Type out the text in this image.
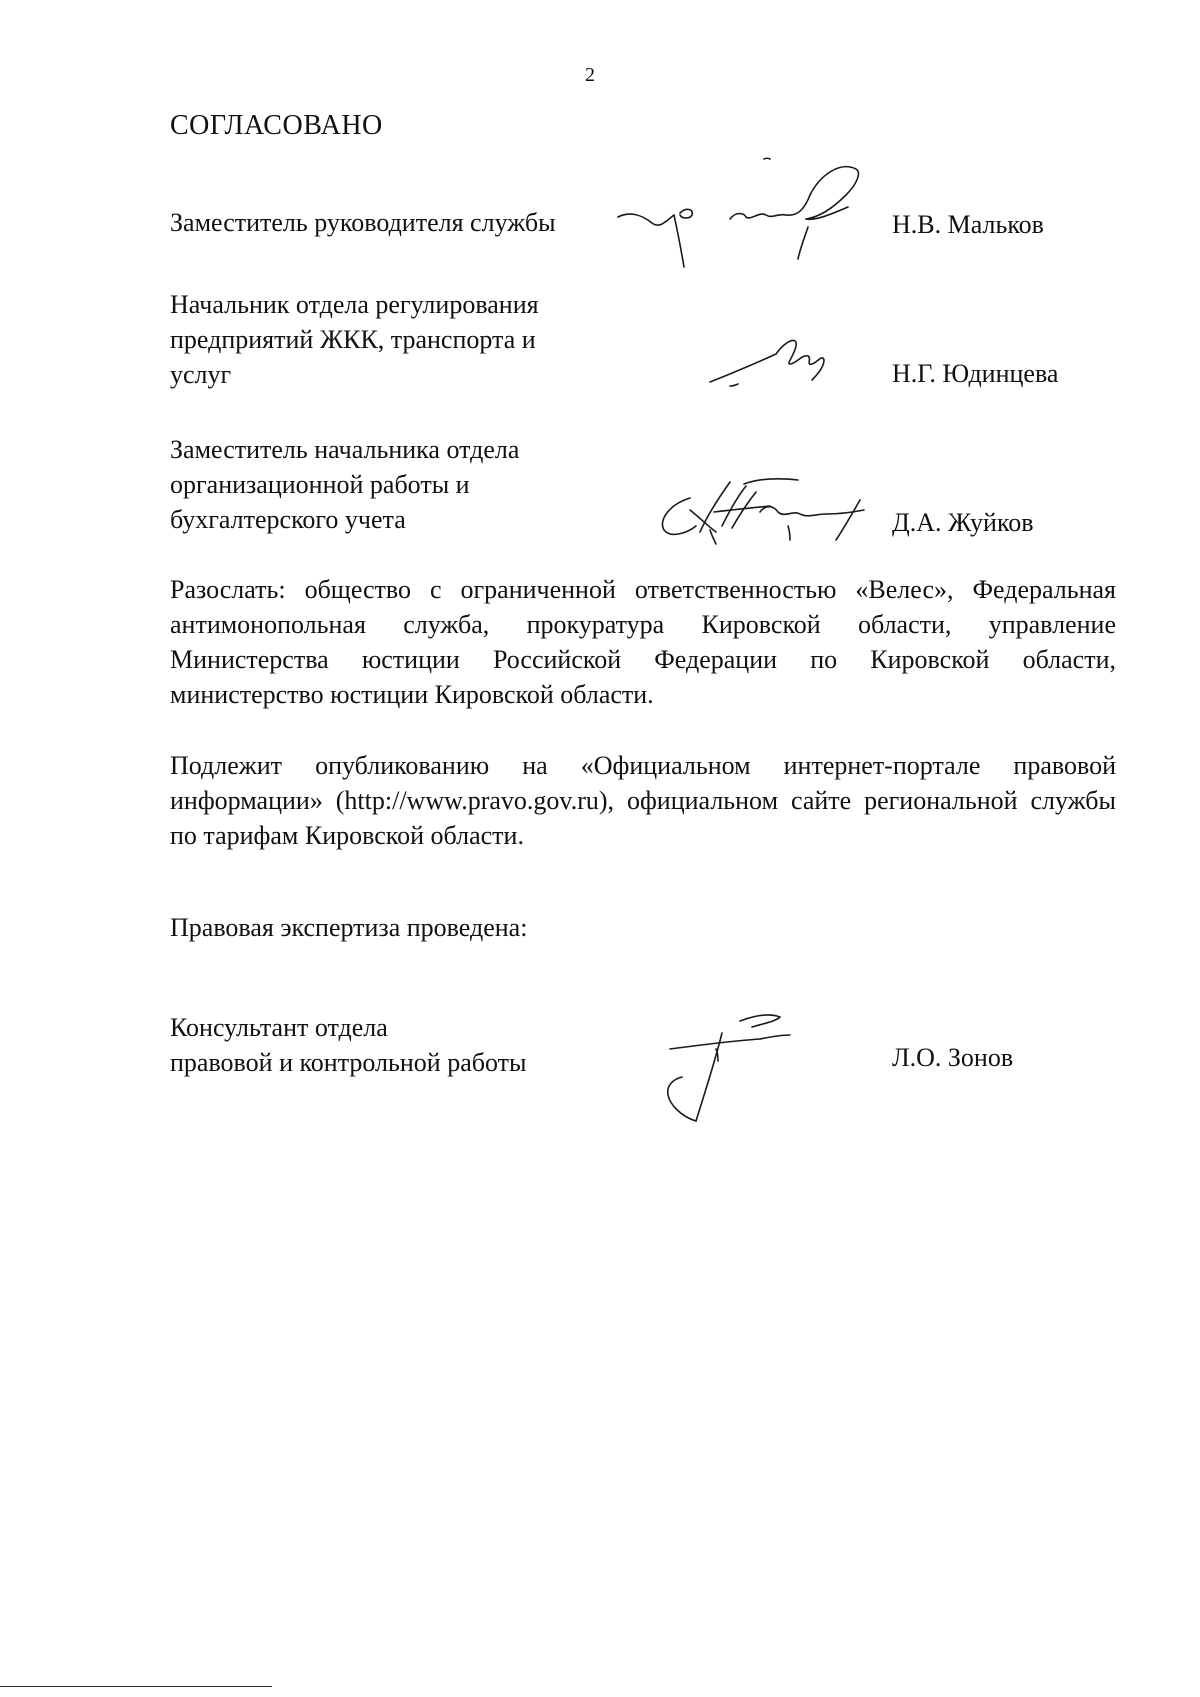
2
СОГЛАСОВАНО
Заместитель руководителя службы	Н.В. Мальков
Начальник отдела регулирования
предприятий ЖКК, транспорта и
услуг	Н.Г. Юдинцева
Заместитель начальника отдела
организационной работы и
бухгалтерского учета	Д.А. Жуйков
Разослать: общество с ограниченной ответственностью «Велес», Федеральная антимонопольная служба, прокуратура Кировской области, управление Министерства юстиции Российской Федерации по Кировской области, министерство юстиции Кировской области.
Подлежит опубликованию на «Официальном интернет-портале правовой информации» (http://www.pravo.gov.ru), официальном сайте региональной службы по тарифам Кировской области.
Правовая экспертиза проведена:
Консультант отдела
правовой и контрольной работы	Л.О. Зонов
